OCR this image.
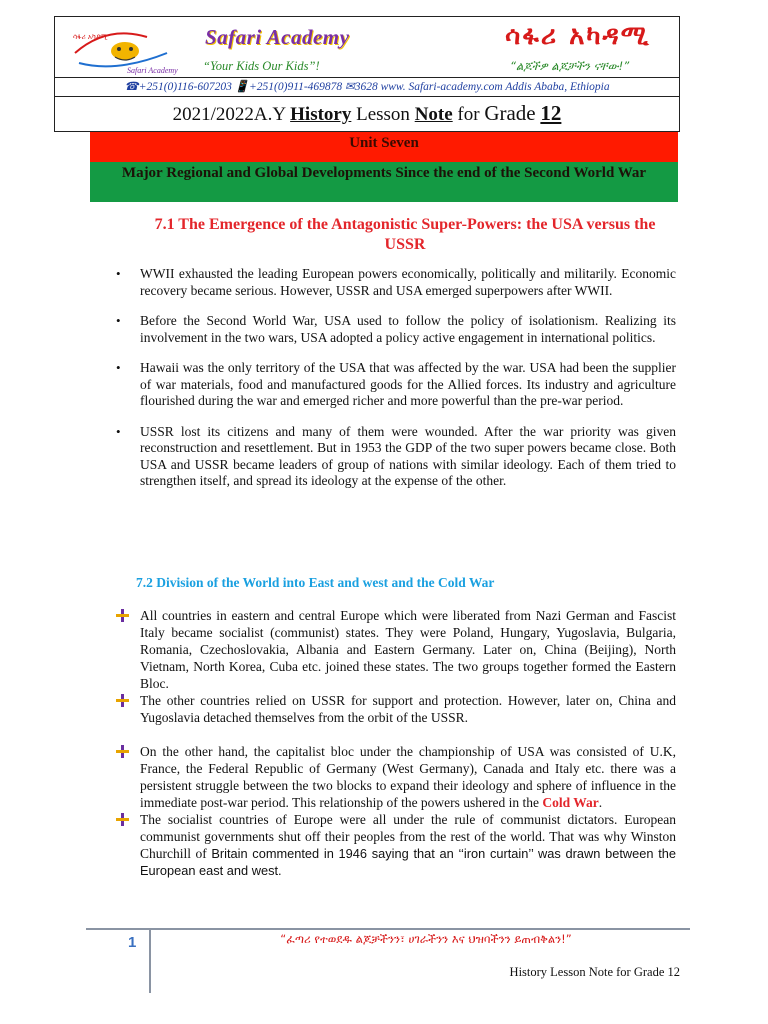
ሳፋሪ አካዳሚ
Safari Academy
Safari Academy	ሳፋሪ አካዳሚ
“Your Kids Our Kids”!	“ልጆችዎ ልጆቻችን ናቸው!”
☎+251(0)116-607203 📱+251(0)911-469878 ✉3628 www. Safari-academy.com Addis Ababa, Ethiopia
2021/2022A.Y History Lesson Note for Grade 12
Unit Seven
Major Regional and Global Developments Since the end of the Second World War
7.1 The Emergence of the Antagonistic Super-Powers: the USA versus the USSR
• WWII exhausted the leading European powers economically, politically and militarily. Economic recovery became serious. However, USSR and USA emerged superpowers after WWII.
• Before the Second World War, USA used to follow the policy of isolationism. Realizing its involvement in the two wars, USA adopted a policy active engagement in international politics.
• Hawaii was the only territory of the USA that was affected by the war. USA had been the supplier of war materials, food and manufactured goods for the Allied forces. Its industry and agriculture flourished during the war and emerged richer and more powerful than the pre-war period.
• USSR lost its citizens and many of them were wounded. After the war priority was given reconstruction and resettlement. But in 1953 the GDP of the two super powers became close. Both USA and USSR became leaders of group of nations with similar ideology. Each of them tried to strengthen itself, and spread its ideology at the expense of the other.
7.2 Division of the World into East and west and the Cold War
All countries in eastern and central Europe which were liberated from Nazi German and Fascist Italy became socialist (communist) states. They were Poland, Hungary, Yugoslavia, Bulgaria, Romania, Czechoslovakia, Albania and Eastern Germany. Later on, China (Beijing), North Vietnam, North Korea, Cuba etc. joined these states. The two groups together formed the Eastern Bloc.
The other countries relied on USSR for support and protection. However, later on, China and Yugoslavia detached themselves from the orbit of the USSR.
On the other hand, the capitalist bloc under the championship of USA was consisted of U.K, France, the Federal Republic of Germany (West Germany), Canada and Italy etc. there was a persistent struggle between the two blocks to expand their ideology and sphere of influence in the immediate post-war period. This relationship of the powers ushered in the Cold War.
The socialist countries of Europe were all under the rule of communist dictators. European communist governments shut off their peoples from the rest of the world. That was why Winston Churchill of Britain commented in 1946 saying that an ‘‘iron curtain’’ was drawn between the European east and west.
1	“ፈጣሪ የተወደዱ ልጆቻችንን፣ ሀገራችንን እና ህዝባችንን ይጠብቅልን!”
History Lesson Note for Grade 12
